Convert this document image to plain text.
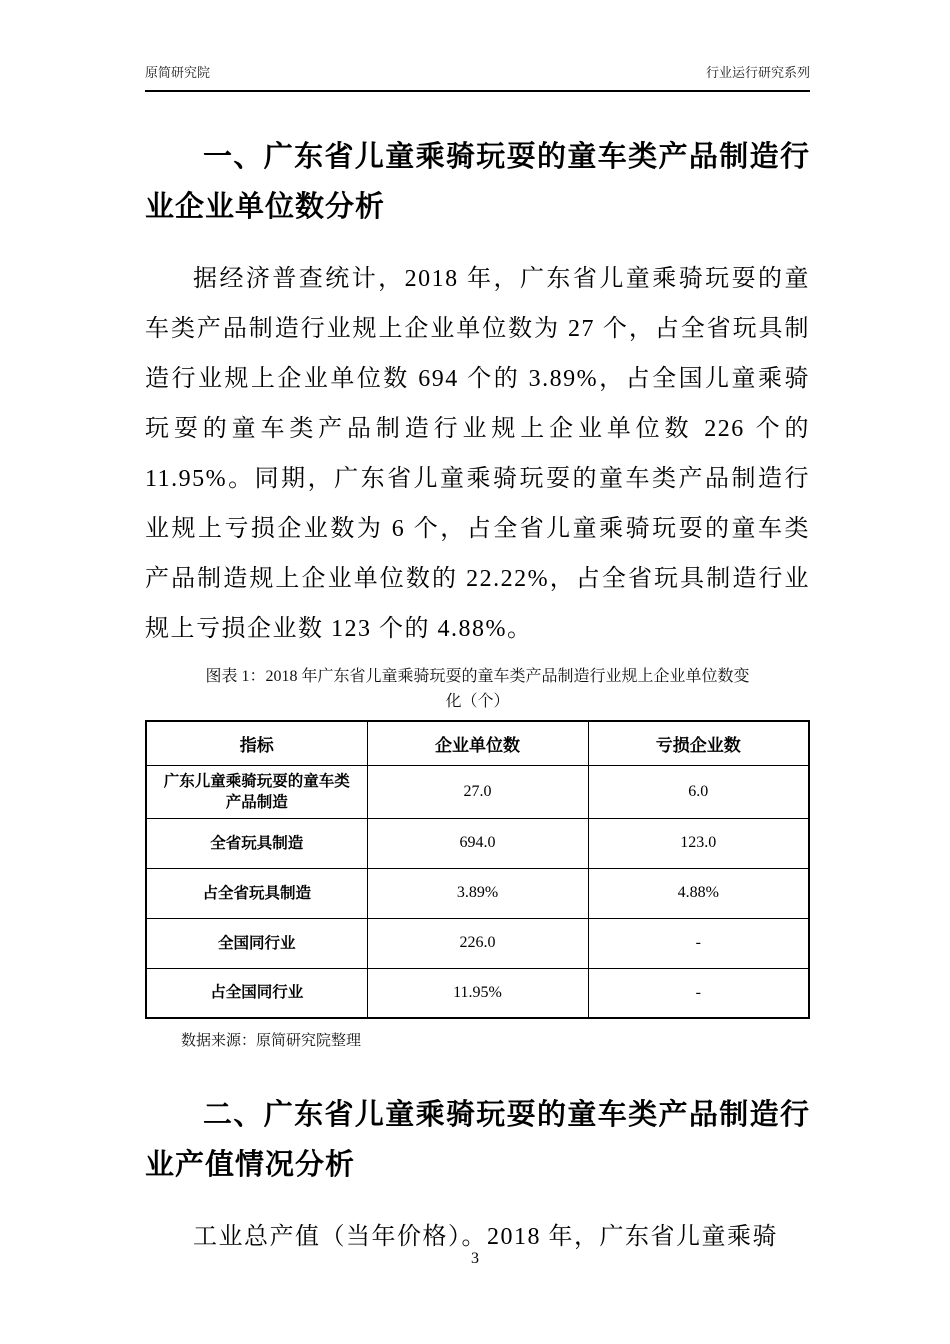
原简研究院	行业运行研究系列
一、广东省儿童乘骑玩耍的童车类产品制造行业企业单位数分析

据经济普查统计，2018 年，广东省儿童乘骑玩耍的童车类产品制造行业规上企业单位数为 27 个，占全省玩具制造行业规上企业单位数 694 个的 3.89%，占全国儿童乘骑玩耍的童车类产品制造行业规上企业单位数 226 个的 11.95%。同期，广东省儿童乘骑玩耍的童车类产品制造行业规上亏损企业数为 6 个，占全省儿童乘骑玩耍的童车类产品制造规上企业单位数的 22.22%，占全省玩具制造行业规上亏损企业数 123 个的 4.88%。

图表 1：2018 年广东省儿童乘骑玩耍的童车类产品制造行业规上企业单位数变
化（个）
指标	企业单位数	亏损企业数
广东儿童乘骑玩耍的童车类产品制造	27.0	6.0
全省玩具制造	694.0	123.0
占全省玩具制造	3.89%	4.88%
全国同行业	226.0	-
占全国同行业	11.95%	-
数据来源：原简研究院整理
二、广东省儿童乘骑玩耍的童车类产品制造行业产值情况分析

工业总产值（当年价格）。2018 年，广东省儿童乘骑

3
